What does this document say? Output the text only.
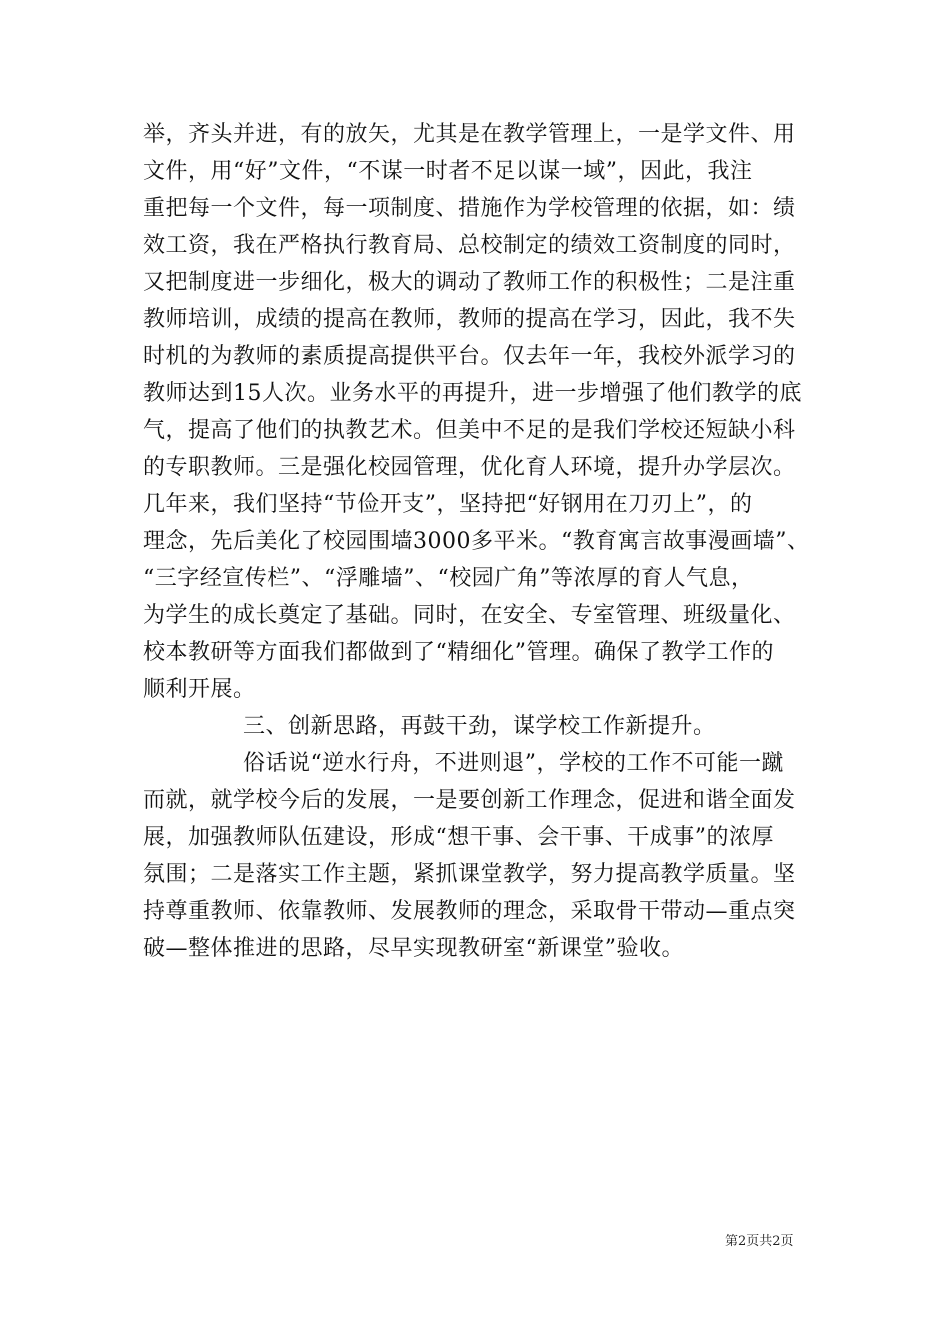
举，齐头并进，有的放矢，尤其是在教学管理上，一是学文件、用
文件，用“好”文件，“不谋一时者不足以谋一域”，因此，我注
重把每一个文件，每一项制度、措施作为学校管理的依据，如：绩
效工资，我在严格执行教育局、总校制定的绩效工资制度的同时，
又把制度进一步细化，极大的调动了教师工作的积极性；二是注重
教师培训，成绩的提高在教师，教师的提高在学习，因此，我不失
时机的为教师的素质提高提供平台。仅去年一年，我校外派学习的
教师达到15人次。业务水平的再提升，进一步增强了他们教学的底
气，提高了他们的执教艺术。但美中不足的是我们学校还短缺小科
的专职教师。三是强化校园管理，优化育人环境，提升办学层次。
几年来，我们坚持“节俭开支”，坚持把“好钢用在刀刃上”，的
理念，先后美化了校园围墙3000多平米。“教育寓言故事漫画墙”、
“三字经宣传栏”、“浮雕墙”、“校园广角”等浓厚的育人气息，
为学生的成长奠定了基础。同时，在安全、专室管理、班级量化、
校本教研等方面我们都做到了“精细化”管理。确保了教学工作的
顺利开展。
三、创新思路，再鼓干劲，谋学校工作新提升。
俗话说“逆水行舟，不进则退”，学校的工作不可能一蹴
而就，就学校今后的发展，一是要创新工作理念，促进和谐全面发
展，加强教师队伍建设，形成“想干事、会干事、干成事”的浓厚
氛围；二是落实工作主题，紧抓课堂教学，努力提高教学质量。坚
持尊重教师、依靠教师、发展教师的理念，采取骨干带动—重点突
破—整体推进的思路，尽早实现教研室“新课堂”验收。
第2页共2页
